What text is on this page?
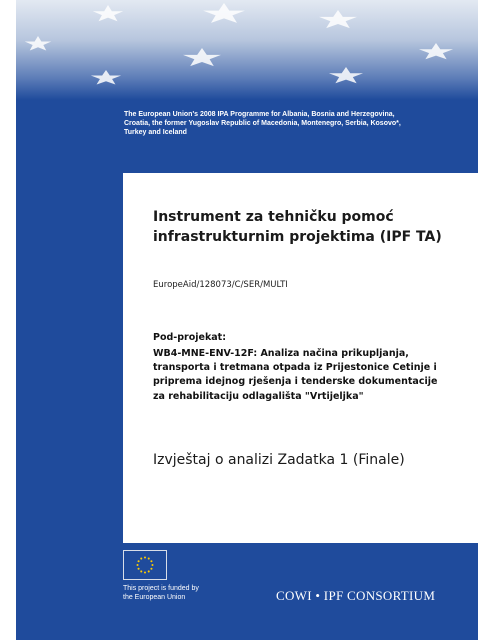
The European Union's 2008 IPA Programme for Albania, Bosnia and Herzegovina,
Croatia, the former Yugoslav Republic of Macedonia, Montenegro, Serbia, Kosovo*,
Turkey and Iceland

Instrument za tehničku pomoć
infrastrukturnim projektima (IPF TA)

EuropeAid/128073/C/SER/MULTI

Pod-projekat:

WB4-MNE-ENV-12F: Analiza načina prikupljanja,
transporta i tretmana otpada iz Prijestonice Cetinje i
priprema idejnog rješenja i tenderske dokumentacije
za rehabilitaciju odlagališta "Vrtijeljka"

Izvještaj o analizi Zadatka 1 (Finale)

This project is funded by
the European Union	COWI • IPF CONSORTIUM
